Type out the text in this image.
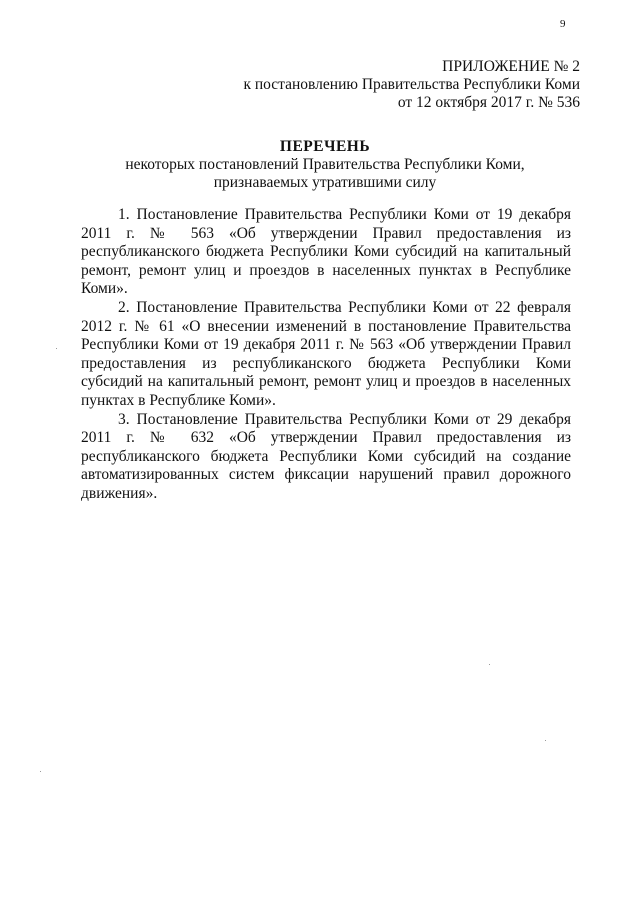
9
ПРИЛОЖЕНИЕ № 2
к постановлению Правительства Республики Коми
от 12 октября 2017 г. № 536
ПЕРЕЧЕНЬ
некоторых постановлений Правительства Республики Коми,
признаваемых утратившими силу

1. Постановление Правительства Республики Коми от 19 декабря 2011 г. № 563 «Об утверждении Правил предоставления из республиканского бюджета Республики Коми субсидий на капитальный ремонт, ремонт улиц и проездов в населенных пунктах в Республике Коми».

2. Постановление Правительства Республики Коми от 22 февраля 2012 г. № 61 «О внесении изменений в постановление Правительства Республики Коми от 19 декабря 2011 г. № 563 «Об утверждении Правил предоставления из республиканского бюджета Республики Коми субсидий на капитальный ремонт, ремонт улиц и проездов в населенных пунктах в Республике Коми».

3. Постановление Правительства Республики Коми от 29 декабря 2011 г. № 632 «Об утверждении Правил предоставления из республиканского бюджета Республики Коми субсидий на создание автоматизированных систем фиксации нарушений правил дорожного движения».
